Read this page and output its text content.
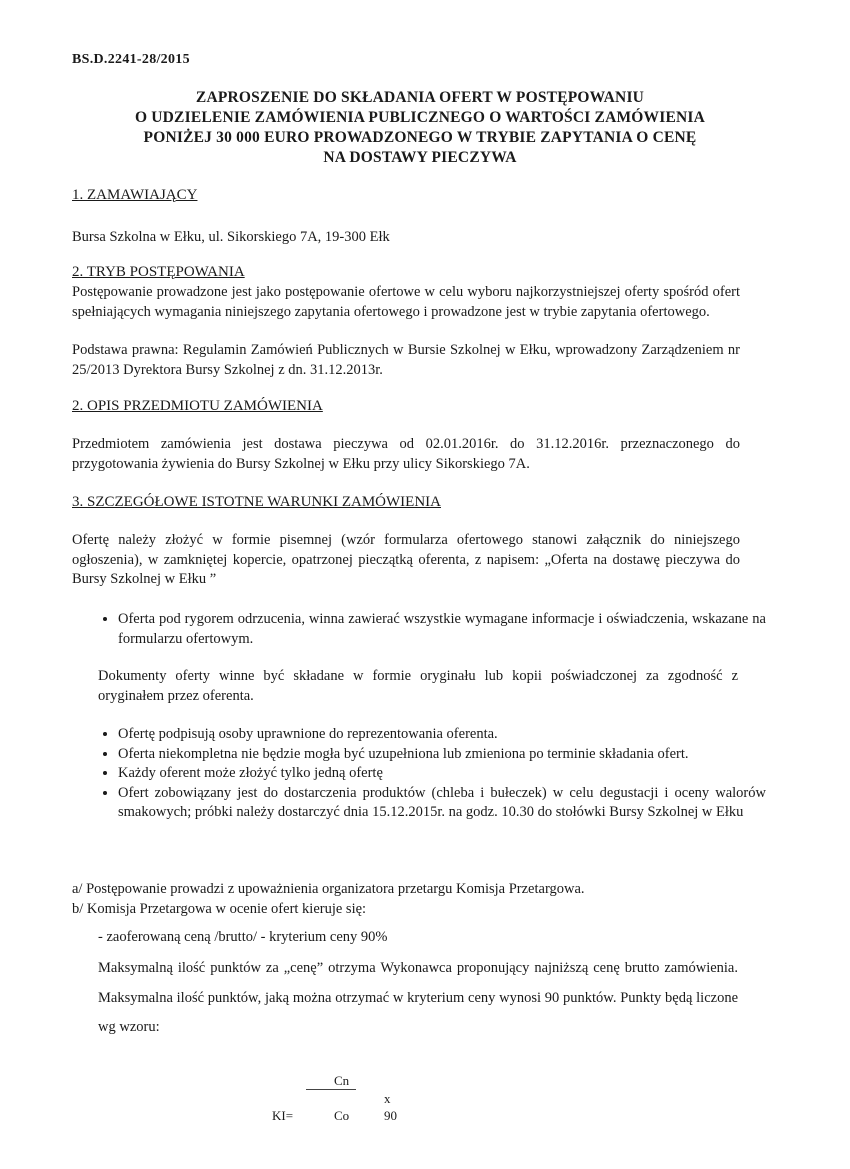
BS.D.2241-28/2015
ZAPROSZENIE DO SKŁADANIA OFERT W POSTĘPOWANIU
O UDZIELENIE ZAMÓWIENIA PUBLICZNEGO O WARTOŚCI ZAMÓWIENIA
PONIŻEJ 30 000 EURO PROWADZONEGO W TRYBIE ZAPYTANIA O CENĘ
NA DOSTAWY PIECZYWA
1. ZAMAWIAJĄCY
Bursa Szkolna w Ełku, ul. Sikorskiego 7A, 19-300 Ełk
2. TRYB POSTĘPOWANIA
Postępowanie prowadzone jest jako postępowanie ofertowe w celu wyboru najkorzystniejszej oferty spośród ofert spełniających wymagania niniejszego zapytania ofertowego i prowadzone jest w trybie zapytania ofertowego.
Podstawa prawna: Regulamin Zamówień Publicznych w Bursie Szkolnej w Ełku, wprowadzony Zarządzeniem nr 25/2013 Dyrektora Bursy Szkolnej z dn. 31.12.2013r.
2. OPIS PRZEDMIOTU ZAMÓWIENIA
Przedmiotem zamówienia jest dostawa pieczywa od 02.01.2016r. do 31.12.2016r. przeznaczonego do przygotowania żywienia do Bursy Szkolnej w Ełku przy ulicy Sikorskiego 7A.
3. SZCZEGÓŁOWE ISTOTNE WARUNKI ZAMÓWIENIA
Ofertę należy złożyć w formie pisemnej (wzór formularza ofertowego stanowi załącznik do niniejszego ogłoszenia), w zamkniętej kopercie, opatrzonej pieczątką oferenta, z napisem: „Oferta na dostawę pieczywa do Bursy Szkolnej w Ełku ”
• Oferta pod rygorem odrzucenia, winna zawierać wszystkie wymagane informacje i oświadczenia, wskazane na formularzu ofertowym.
Dokumenty oferty winne być składane w formie oryginału lub kopii poświadczonej za zgodność z oryginałem przez oferenta.
• Ofertę podpisują osoby uprawnione do reprezentowania oferenta.
• Oferta niekompletna nie będzie mogła być uzupełniona lub zmieniona po terminie składania ofert.
• Każdy oferent może złożyć tylko jedną ofertę
• Ofert zobowiązany jest do dostarczenia produktów (chleba i bułeczek) w celu degustacji i oceny walorów smakowych; próbki należy dostarczyć dnia 15.12.2015r. na godz. 10.30 do stołówki Bursy Szkolnej w Ełku
a/ Postępowanie prowadzi z upoważnienia organizatora przetargu Komisja Przetargowa.
b/ Komisja Przetargowa w ocenie ofert kieruje się:
- zaoferowaną ceną /brutto/ - kryterium ceny 90%
Maksymalną ilość punktów za „cenę” otrzyma Wykonawca proponujący najniższą cenę brutto zamówienia. Maksymalna ilość punktów, jaką można otrzymać w kryterium ceny wynosi 90 punktów. Punkty będą liczone wg wzoru:
Cn
x
KI=	Co	90
